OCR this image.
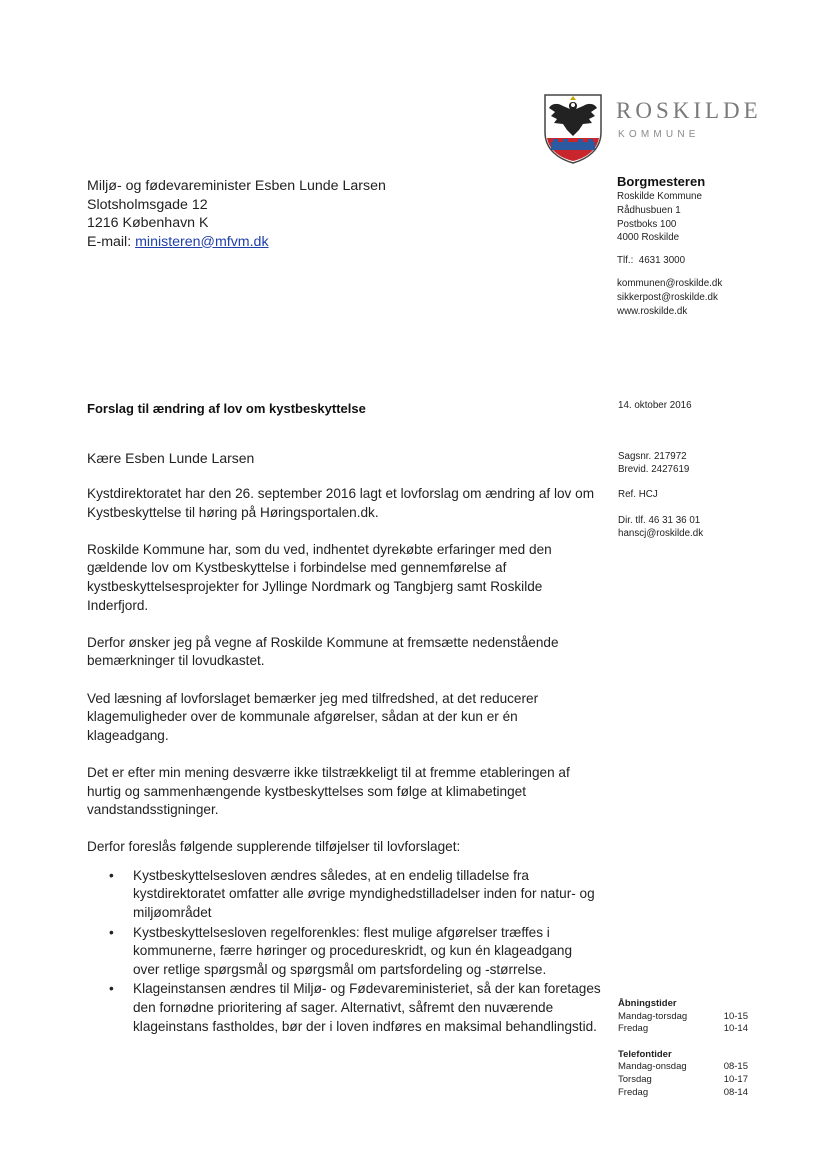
ROSKILDE
KOMMUNE
Miljø- og fødevareminister Esben Lunde Larsen
Slotsholmsgade 12
1216 København K
E-mail: ministeren@mfvm.dk
Borgmesteren
Roskilde Kommune
Rådhusbuen 1
Postboks 100
4000 Roskilde
Tlf.:  4631 3000
kommunen@roskilde.dk
sikkerpost@roskilde.dk
www.roskilde.dk
14. oktober 2016
Sagsnr. 217972
Brevid. 2427619
Ref. HCJ
Dir. tlf. 46 31 36 01
hanscj@roskilde.dk
Forslag til ændring af lov om kystbeskyttelse
Kære Esben Lunde Larsen

Kystdirektoratet har den 26. september 2016 lagt et lovforslag om ændring af lov om Kystbeskyttelse til høring på Høringsportalen.dk.

Roskilde Kommune har, som du ved, indhentet dyrekøbte erfaringer med den gældende lov om Kystbeskyttelse i forbindelse med gennemførelse af kystbeskyttelsesprojekter for Jyllinge Nordmark og Tangbjerg samt Roskilde Inderfjord.

Derfor ønsker jeg på vegne af Roskilde Kommune at fremsætte nedenstående bemærkninger til lovudkastet.

Ved læsning af lovforslaget bemærker jeg med tilfredshed, at det reducerer klagemuligheder over de kommunale afgørelser, sådan at der kun er én klageadgang.

Det er efter min mening desværre ikke tilstrækkeligt til at fremme etableringen af hurtig og sammenhængende kystbeskyttelses som følge at klimabetinget vandstandsstigninger.

Derfor foreslås følgende supplerende tilføjelser til lovforslaget:

• Kystbeskyttelsesloven ændres således, at en endelig tilladelse fra kystdirektoratet omfatter alle øvrige myndighedstilladelser inden for natur- og miljøområdet
• Kystbeskyttelsesloven regelforenkles: flest mulige afgørelser træffes i kommunerne, færre høringer og procedureskridt, og kun én klageadgang over retlige spørgsmål og spørgsmål om partsfordeling og -størrelse.
• Klageinstansen ændres til Miljø- og Fødevareministeriet, så der kan foretages den fornødne prioritering af sager. Alternativt, såfremt den nuværende klageinstans fastholdes, bør der i loven indføres en maksimal behandlingstid.
Åbningstider
Mandag-torsdag	10-15
Fredag	10-14
Telefontider
Mandag-onsdag	08-15
Torsdag	10-17
Fredag	08-14
